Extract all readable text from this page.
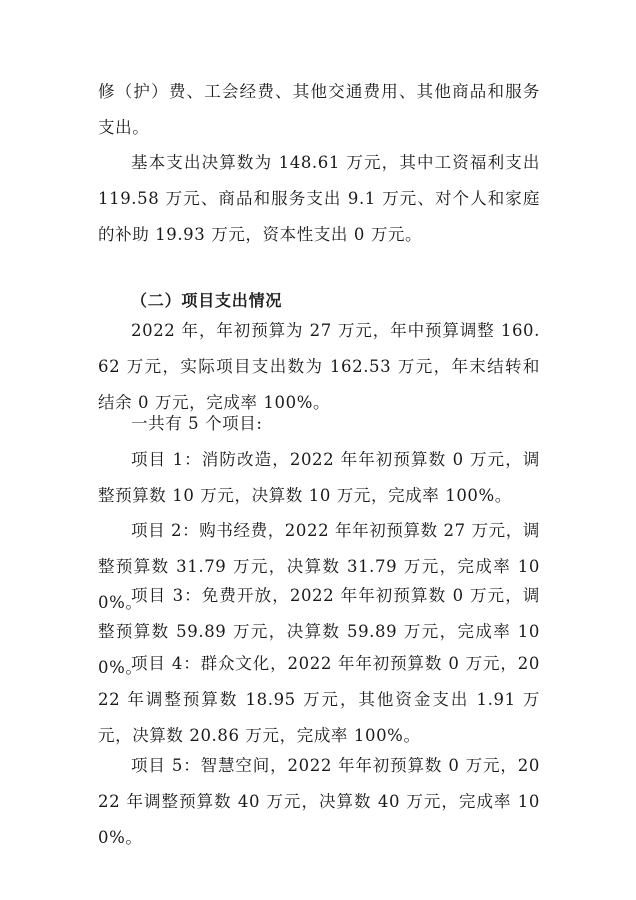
修（护）费、工会经费、其他交通费用、其他商品和服务支出。

基本支出决算数为 148.61 万元，其中工资福利支出 119.58 万元、商品和服务支出 9.1 万元、对个人和家庭的补助 19.93 万元，资本性支出 0 万元。

（二）项目支出情况

2022 年，年初预算为 27 万元，年中预算调整 160.62 万元，实际项目支出数为 162.53 万元，年末结转和结余 0 万元，完成率 100%。

一共有 5 个项目:

项目 1：消防改造，2022 年年初预算数 0 万元，调整预算数 10 万元，决算数 10 万元，完成率 100%。

项目 2：购书经费，2022 年年初预算数 27 万元，调整预算数 31.79 万元，决算数 31.79 万元，完成率 100%。

项目 3：免费开放，2022 年年初预算数 0 万元，调整预算数 59.89 万元，决算数 59.89 万元，完成率 100%。

项目 4：群众文化，2022 年年初预算数 0 万元，2022 年调整预算数 18.95 万元，其他资金支出 1.91 万元，决算数 20.86 万元，完成率 100%。

项目 5：智慧空间，2022 年年初预算数 0 万元，2022 年调整预算数 40 万元，决算数 40 万元，完成率 100%。
